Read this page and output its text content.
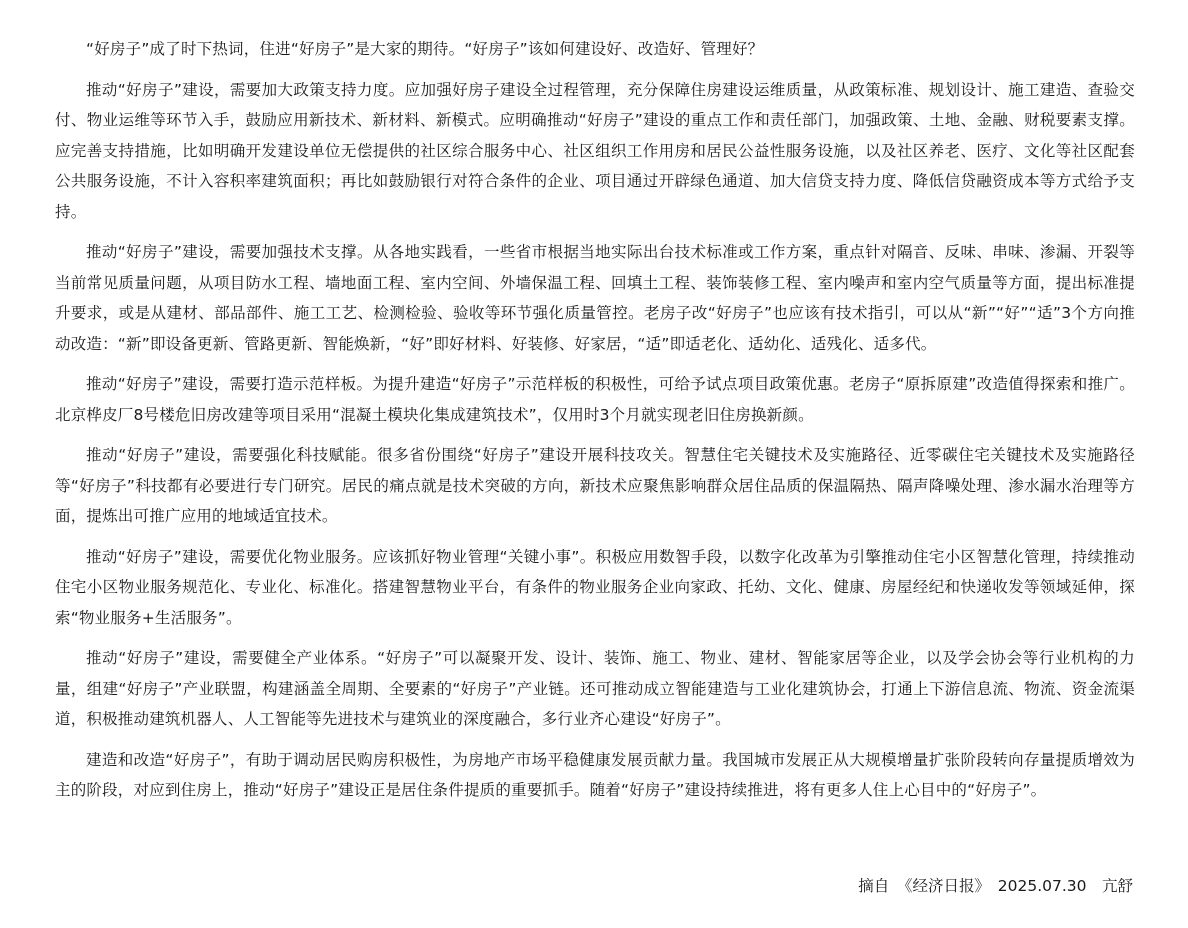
“好房子”成了时下热词，住进“好房子”是大家的期待。“好房子”该如何建设好、改造好、管理好？

推动“好房子”建设，需要加大政策支持力度。应加强好房子建设全过程管理，充分保障住房建设运维质量，从政策标准、规划设计、施工建造、查验交付、物业运维等环节入手，鼓励应用新技术、新材料、新模式。应明确推动“好房子”建设的重点工作和责任部门，加强政策、土地、金融、财税要素支撑。应完善支持措施，比如明确开发建设单位无偿提供的社区综合服务中心、社区组织工作用房和居民公益性服务设施，以及社区养老、医疗、文化等社区配套公共服务设施，不计入容积率建筑面积；再比如鼓励银行对符合条件的企业、项目通过开辟绿色通道、加大信贷支持力度、降低信贷融资成本等方式给予支持。

推动“好房子”建设，需要加强技术支撑。从各地实践看，一些省市根据当地实际出台技术标准或工作方案，重点针对隔音、反味、串味、渗漏、开裂等当前常见质量问题，从项目防水工程、墙地面工程、室内空间、外墙保温工程、回填土工程、装饰装修工程、室内噪声和室内空气质量等方面，提出标准提升要求，或是从建材、部品部件、施工工艺、检测检验、验收等环节强化质量管控。老房子改“好房子”也应该有技术指引，可以从“新”“好”“适”3个方向推动改造：“新”即设备更新、管路更新、智能焕新，“好”即好材料、好装修、好家居，“适”即适老化、适幼化、适残化、适多代。

推动“好房子”建设，需要打造示范样板。为提升建造“好房子”示范样板的积极性，可给予试点项目政策优惠。老房子“原拆原建”改造值得探索和推广。北京桦皮厂8号楼危旧房改建等项目采用“混凝土模块化集成建筑技术”，仅用时3个月就实现老旧住房换新颜。

推动“好房子”建设，需要强化科技赋能。很多省份围绕“好房子”建设开展科技攻关。智慧住宅关键技术及实施路径、近零碳住宅关键技术及实施路径等“好房子”科技都有必要进行专门研究。居民的痛点就是技术突破的方向，新技术应聚焦影响群众居住品质的保温隔热、隔声降噪处理、渗水漏水治理等方面，提炼出可推广应用的地域适宜技术。

推动“好房子”建设，需要优化物业服务。应该抓好物业管理“关键小事”。积极应用数智手段，以数字化改革为引擎推动住宅小区智慧化管理，持续推动住宅小区物业服务规范化、专业化、标准化。搭建智慧物业平台，有条件的物业服务企业向家政、托幼、文化、健康、房屋经纪和快递收发等领域延伸，探索“物业服务+生活服务”。

推动“好房子”建设，需要健全产业体系。“好房子”可以凝聚开发、设计、装饰、施工、物业、建材、智能家居等企业，以及学会协会等行业机构的力量，组建“好房子”产业联盟，构建涵盖全周期、全要素的“好房子”产业链。还可推动成立智能建造与工业化建筑协会，打通上下游信息流、物流、资金流渠道，积极推动建筑机器人、人工智能等先进技术与建筑业的深度融合，多行业齐心建设“好房子”。

建造和改造“好房子”，有助于调动居民购房积极性，为房地产市场平稳健康发展贡献力量。我国城市发展正从大规模增量扩张阶段转向存量提质增效为主的阶段，对应到住房上，推动“好房子”建设正是居住条件提质的重要抓手。随着“好房子”建设持续推进，将有更多人住上心目中的“好房子”。

摘自　《经济日报》　2025.07.30　亢舒
